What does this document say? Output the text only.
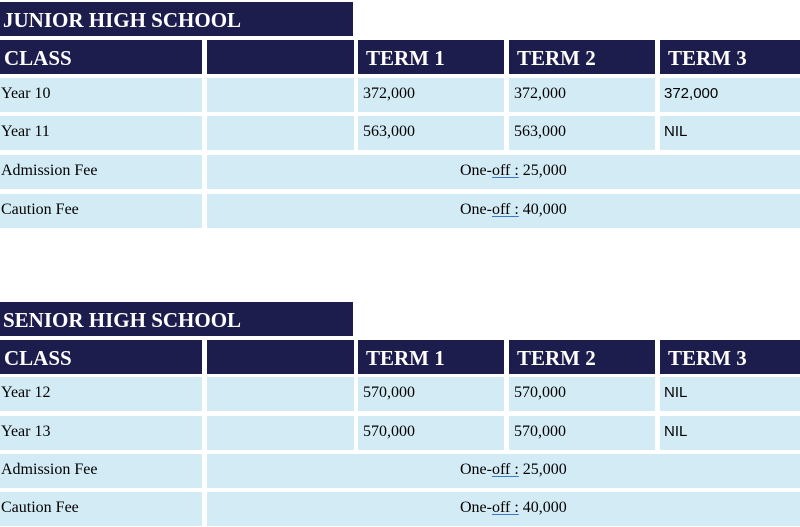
JUNIOR HIGH SCHOOL
CLASS	TERM 1	TERM 2	TERM 3
Year 10	372,000	372,000	372,000
Year 11	563,000	563,000	NIL
Admission Fee	One-off : 25,000
Caution Fee	One-off : 40,000
SENIOR HIGH SCHOOL
CLASS	TERM 1	TERM 2	TERM 3
Year 12	570,000	570,000	NIL
Year 13	570,000	570,000	NIL
Admission Fee	One-off : 25,000
Caution Fee	One-off : 40,000
